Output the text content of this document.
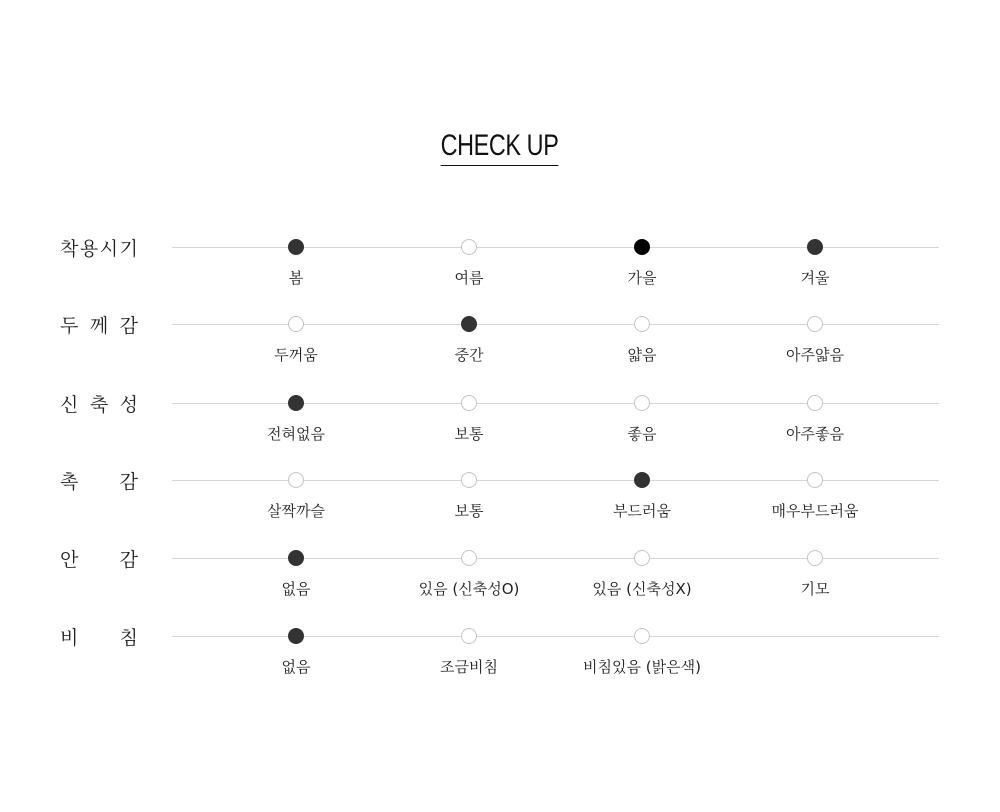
CHECK UP
착 용 시 기
봄	여름	가을	겨울
두 께 감
두꺼움	중간	얇음	아주얇음
신 축 성
전혀없음	보통	좋음	아주좋음
촉 감
살짝까슬	보통	부드러움	매우부드러움
안 감
없음	있음 (신축성O)	있음 (신축성X)	기모
비 침
없음	조금비침	비침있음 (밝은색)
